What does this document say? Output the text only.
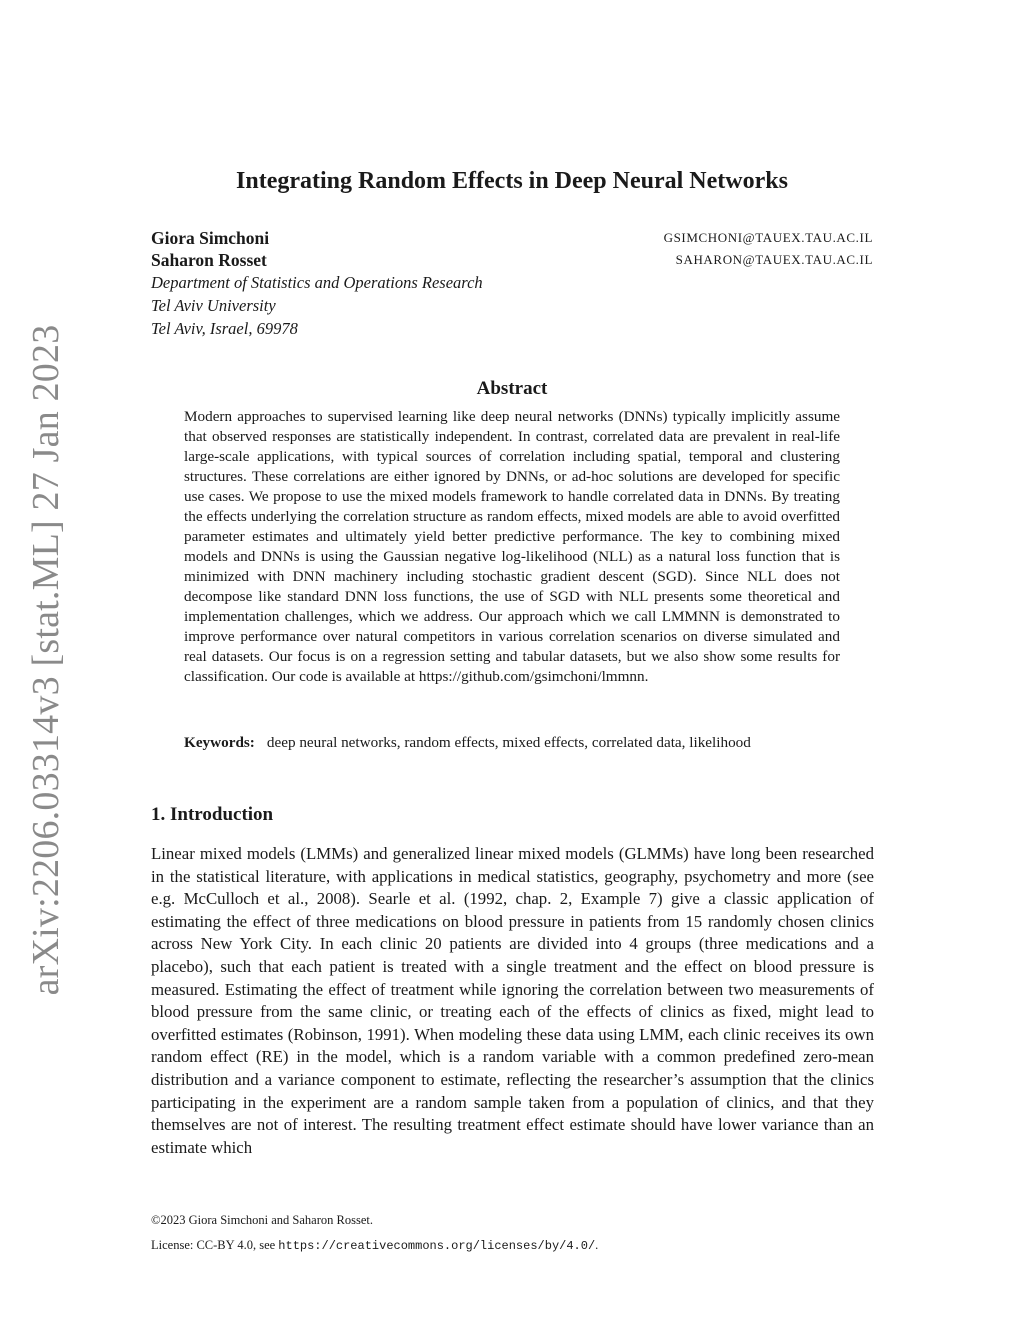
arXiv:2206.03314v3 [stat.ML] 27 Jan 2023
Integrating Random Effects in Deep Neural Networks
Giora Simchoni	GSIMCHONI@TAUEX.TAU.AC.IL
Saharon Rosset	SAHARON@TAUEX.TAU.AC.IL
Department of Statistics and Operations Research
Tel Aviv University
Tel Aviv, Israel, 69978
Abstract
Modern approaches to supervised learning like deep neural networks (DNNs) typically implicitly assume that observed responses are statistically independent. In contrast, correlated data are prevalent in real-life large-scale applications, with typical sources of correlation including spatial, temporal and clustering structures. These correlations are either ignored by DNNs, or ad-hoc solutions are developed for specific use cases. We propose to use the mixed models framework to handle correlated data in DNNs. By treating the effects underlying the correlation structure as random effects, mixed models are able to avoid overfitted parameter estimates and ultimately yield better predictive performance. The key to combining mixed models and DNNs is using the Gaussian negative log-likelihood (NLL) as a natural loss function that is minimized with DNN machinery including stochastic gradient descent (SGD). Since NLL does not decompose like standard DNN loss functions, the use of SGD with NLL presents some theoretical and implementation challenges, which we address. Our approach which we call LMMNN is demonstrated to improve performance over natural competitors in various correlation scenarios on diverse simulated and real datasets. Our focus is on a regression setting and tabular datasets, but we also show some results for classification. Our code is available at https://github.com/gsimchoni/lmmnn.
Keywords: deep neural networks, random effects, mixed effects, correlated data, likelihood
1. Introduction
Linear mixed models (LMMs) and generalized linear mixed models (GLMMs) have long been researched in the statistical literature, with applications in medical statistics, geography, psychometry and more (see e.g. McCulloch et al., 2008). Searle et al. (1992, chap. 2, Example 7) give a classic application of estimating the effect of three medications on blood pressure in patients from 15 randomly chosen clinics across New York City. In each clinic 20 patients are divided into 4 groups (three medications and a placebo), such that each patient is treated with a single treatment and the effect on blood pressure is measured. Estimating the effect of treatment while ignoring the correlation between two measurements of blood pressure from the same clinic, or treating each of the effects of clinics as fixed, might lead to overfitted estimates (Robinson, 1991). When modeling these data using LMM, each clinic receives its own random effect (RE) in the model, which is a random variable with a common predefined zero-mean distribution and a variance component to estimate, reflecting the researcher’s assumption that the clinics participating in the experiment are a random sample taken from a population of clinics, and that they themselves are not of interest. The resulting treatment effect estimate should have lower variance than an estimate which
©2023 Giora Simchoni and Saharon Rosset.
License: CC-BY 4.0, see https://creativecommons.org/licenses/by/4.0/.
